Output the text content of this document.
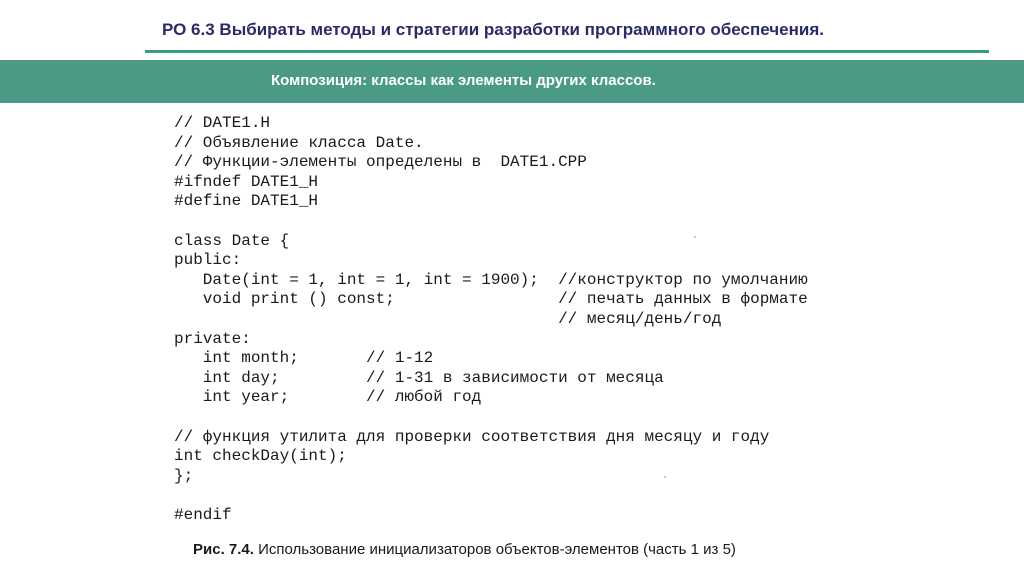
РО 6.3 Выбирать методы и стратегии разработки программного обеспечения.
Композиция: классы как элементы других классов.
// DATE1.H
// Объявление класса Date.
// Функции-элементы определены в  DATE1.CPP
#ifndef DATE1_H
#define DATE1_H
class Date {
public:
Date(int = 1, int = 1, int = 1900);  //конструктор по умолчанию
void print () const;                 // печать данных в формате
// месяц/день/год
private:
int month;       // 1-12
int day;         // 1-31 в зависимости от месяца
int year;        // любой год
// функция утилита для проверки соответствия дня месяцу и году
int checkDay(int);
};
#endif
Рис. 7.4. Использование инициализаторов объектов-элементов (часть 1 из 5)
